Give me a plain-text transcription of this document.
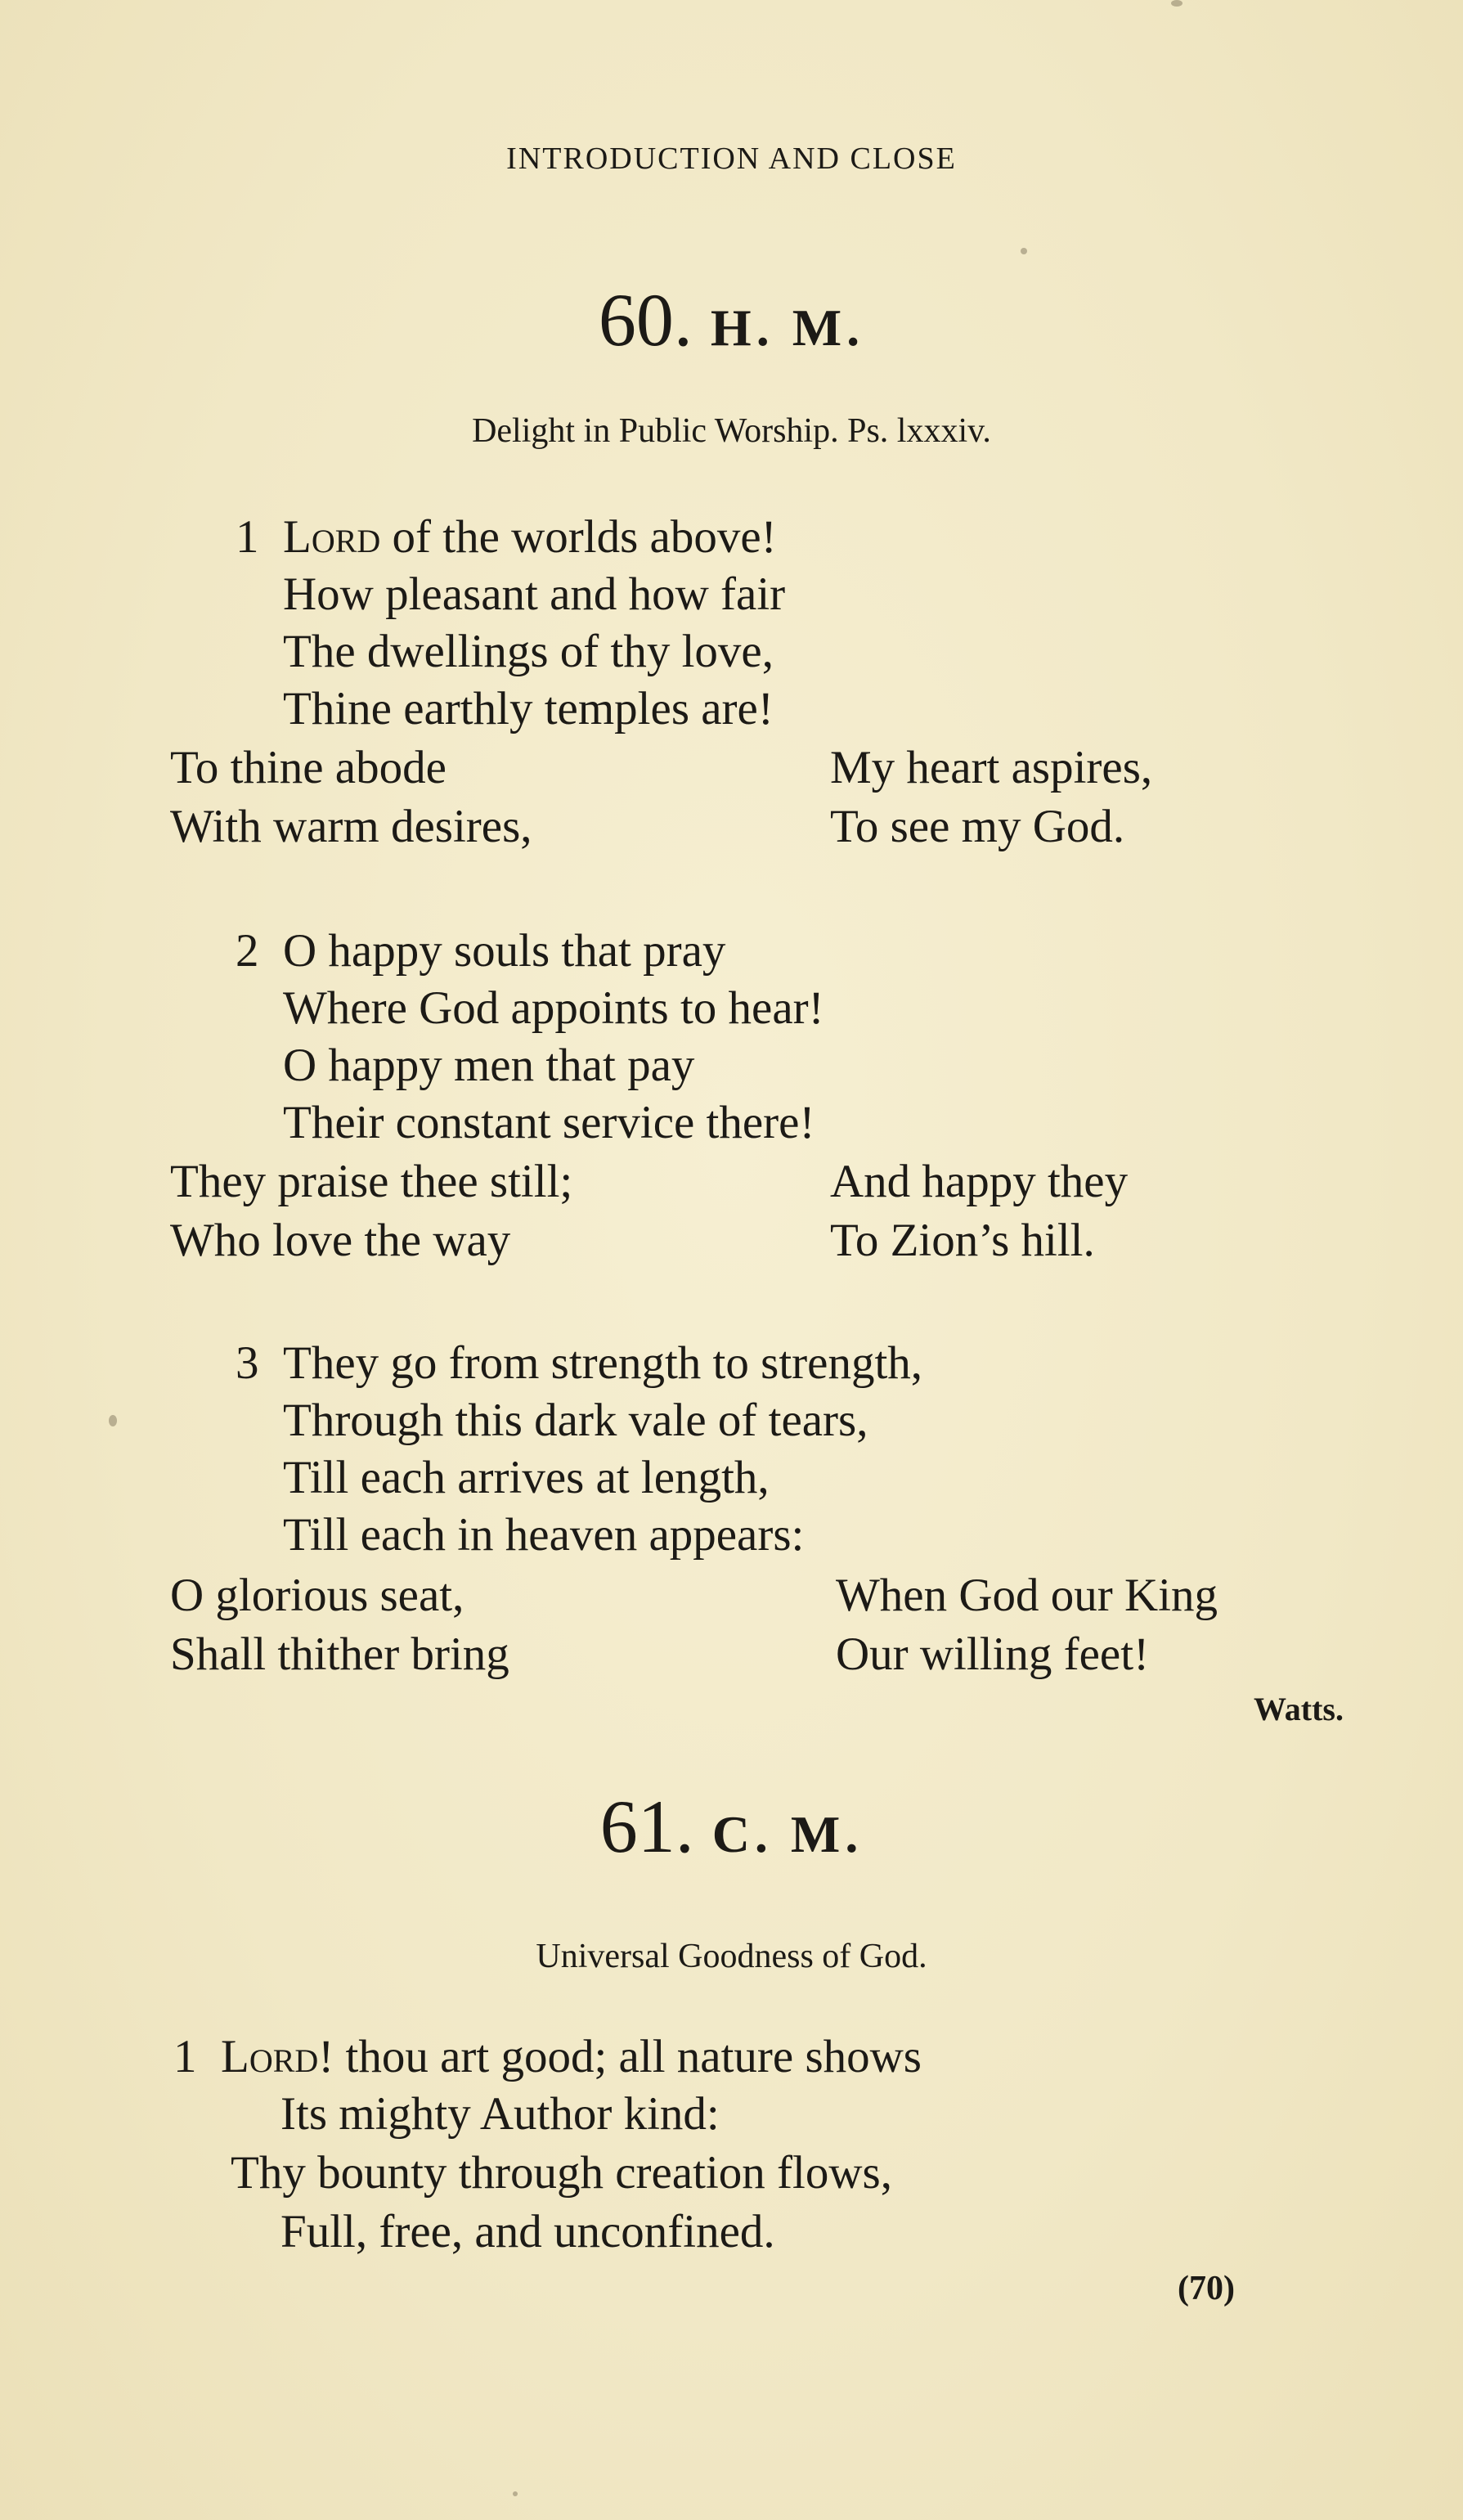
INTRODUCTION AND CLOSE
60. H. M.
Delight in Public Worship. Ps. lxxxiv.
1 Lord of the worlds above!
How pleasant and how fair
The dwellings of thy love,
Thine earthly temples are!
To thine abode	My heart aspires,
With warm desires,	To see my God.
2 O happy souls that pray
Where God appoints to hear!
O happy men that pay
Their constant service there!
They praise thee still;	And happy they
Who love the way	To Zion’s hill.
3 They go from strength to strength,
Through this dark vale of tears,
Till each arrives at length,
Till each in heaven appears:
O glorious seat,	When God our King
Shall thither bring	Our willing feet!
Watts.
61. C. M.
Universal Goodness of God.
1 Lord! thou art good; all nature shows
Its mighty Author kind:
Thy bounty through creation flows,
Full, free, and unconfined.
(70)
